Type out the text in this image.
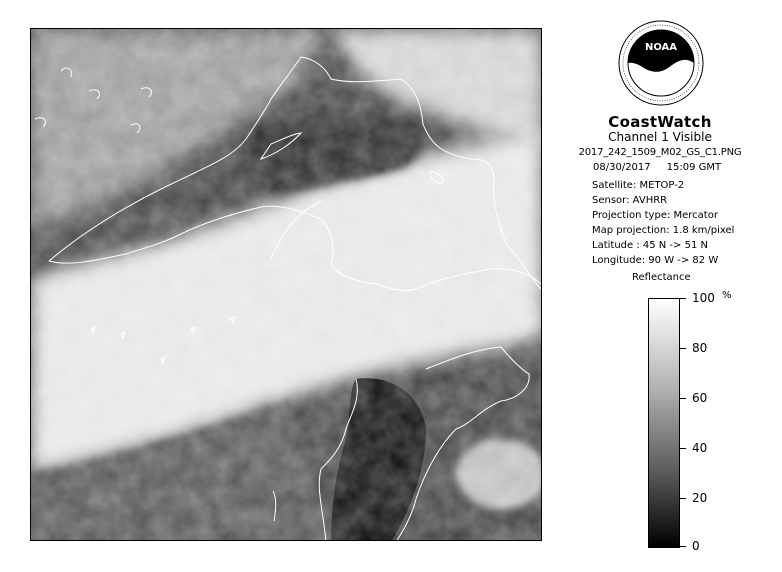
NOAA
CoastWatch
Channel 1 Visible
2017_242_1509_M02_GS_C1.PNG
08/30/2017 15:09 GMT
Satellite: METOP-2
Sensor: AVHRR
Projection type: Mercator
Map projection: 1.8 km/pixel
Latitude : 45 N -> 51 N
Longitude: 90 W -> 82 W
Reflectance
%
100
80
60
40
20
0
